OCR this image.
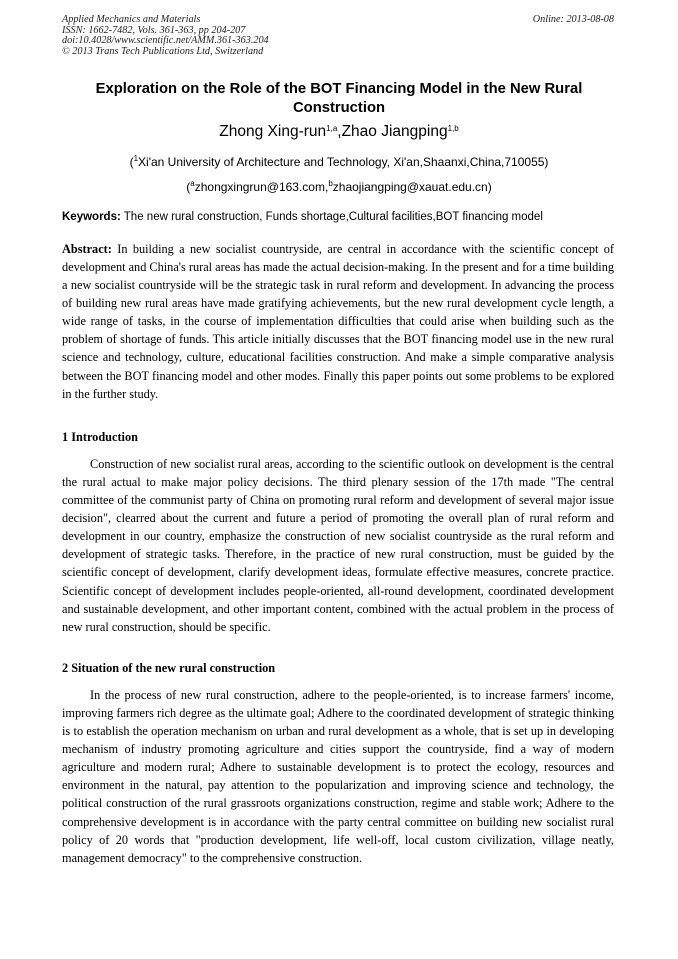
Applied Mechanics and Materials
ISSN: 1662-7482, Vols. 361-363, pp 204-207
doi:10.4028/www.scientific.net/AMM.361-363.204
© 2013 Trans Tech Publications Ltd, Switzerland
Online: 2013-08-08
Exploration on the Role of the BOT Financing Model in the New Rural Construction
Zhong Xing-run$^{1,a}$,Zhao Jiangping$^{1,b}$
($^1$Xi'an University of Architecture and Technology, Xi'an,Shaanxi,China,710055)
($^a$zhongxingrun@163.com,$^b$zhaojiangping@xauat.edu.cn)
Keywords: The new rural construction, Funds shortage,Cultural facilities,BOT financing model
Abstract: In building a new socialist countryside, are central in accordance with the scientific concept of development and China's rural areas has made the actual decision-making. In the present and for a time building a new socialist countryside will be the strategic task in rural reform and development. In advancing the process of building new rural areas have made gratifying achievements, but the new rural development cycle length, a wide range of tasks, in the course of implementation difficulties that could arise when building such as the problem of shortage of funds. This article initially discusses that the BOT financing model use in the new rural science and technology, culture, educational facilities construction. And make a simple comparative analysis between the BOT financing model and other modes. Finally this paper points out some problems to be explored in the further study.
1 Introduction
Construction of new socialist rural areas, according to the scientific outlook on development is the central the rural actual to make major policy decisions. The third plenary session of the 17th made "The central committee of the communist party of China on promoting rural reform and development of several major issue decision", clearred about the current and future a period of promoting the overall plan of rural reform and development in our country, emphasize the construction of new socialist countryside as the rural reform and development of strategic tasks. Therefore, in the practice of new rural construction, must be guided by the scientific concept of development, clarify development ideas, formulate effective measures, concrete practice. Scientific concept of development includes people-oriented, all-round development, coordinated development and sustainable development, and other important content, combined with the actual problem in the process of new rural construction, should be specific.
2 Situation of the new rural construction
In the process of new rural construction, adhere to the people-oriented, is to increase farmers' income, improving farmers rich degree as the ultimate goal; Adhere to the coordinated development of strategic thinking is to establish the operation mechanism on urban and rural development as a whole, that is set up in developing mechanism of industry promoting agriculture and cities support the countryside, find a way of modern agriculture and modern rural; Adhere to sustainable development is to protect the ecology, resources and environment in the natural, pay attention to the popularization and improving science and technology, the political construction of the rural grassroots organizations construction, regime and stable work; Adhere to the comprehensive development is in accordance with the party central committee on building new socialist rural policy of 20 words that "production development, life well-off, local custom civilization, village neatly, management democracy" to the comprehensive construction.
